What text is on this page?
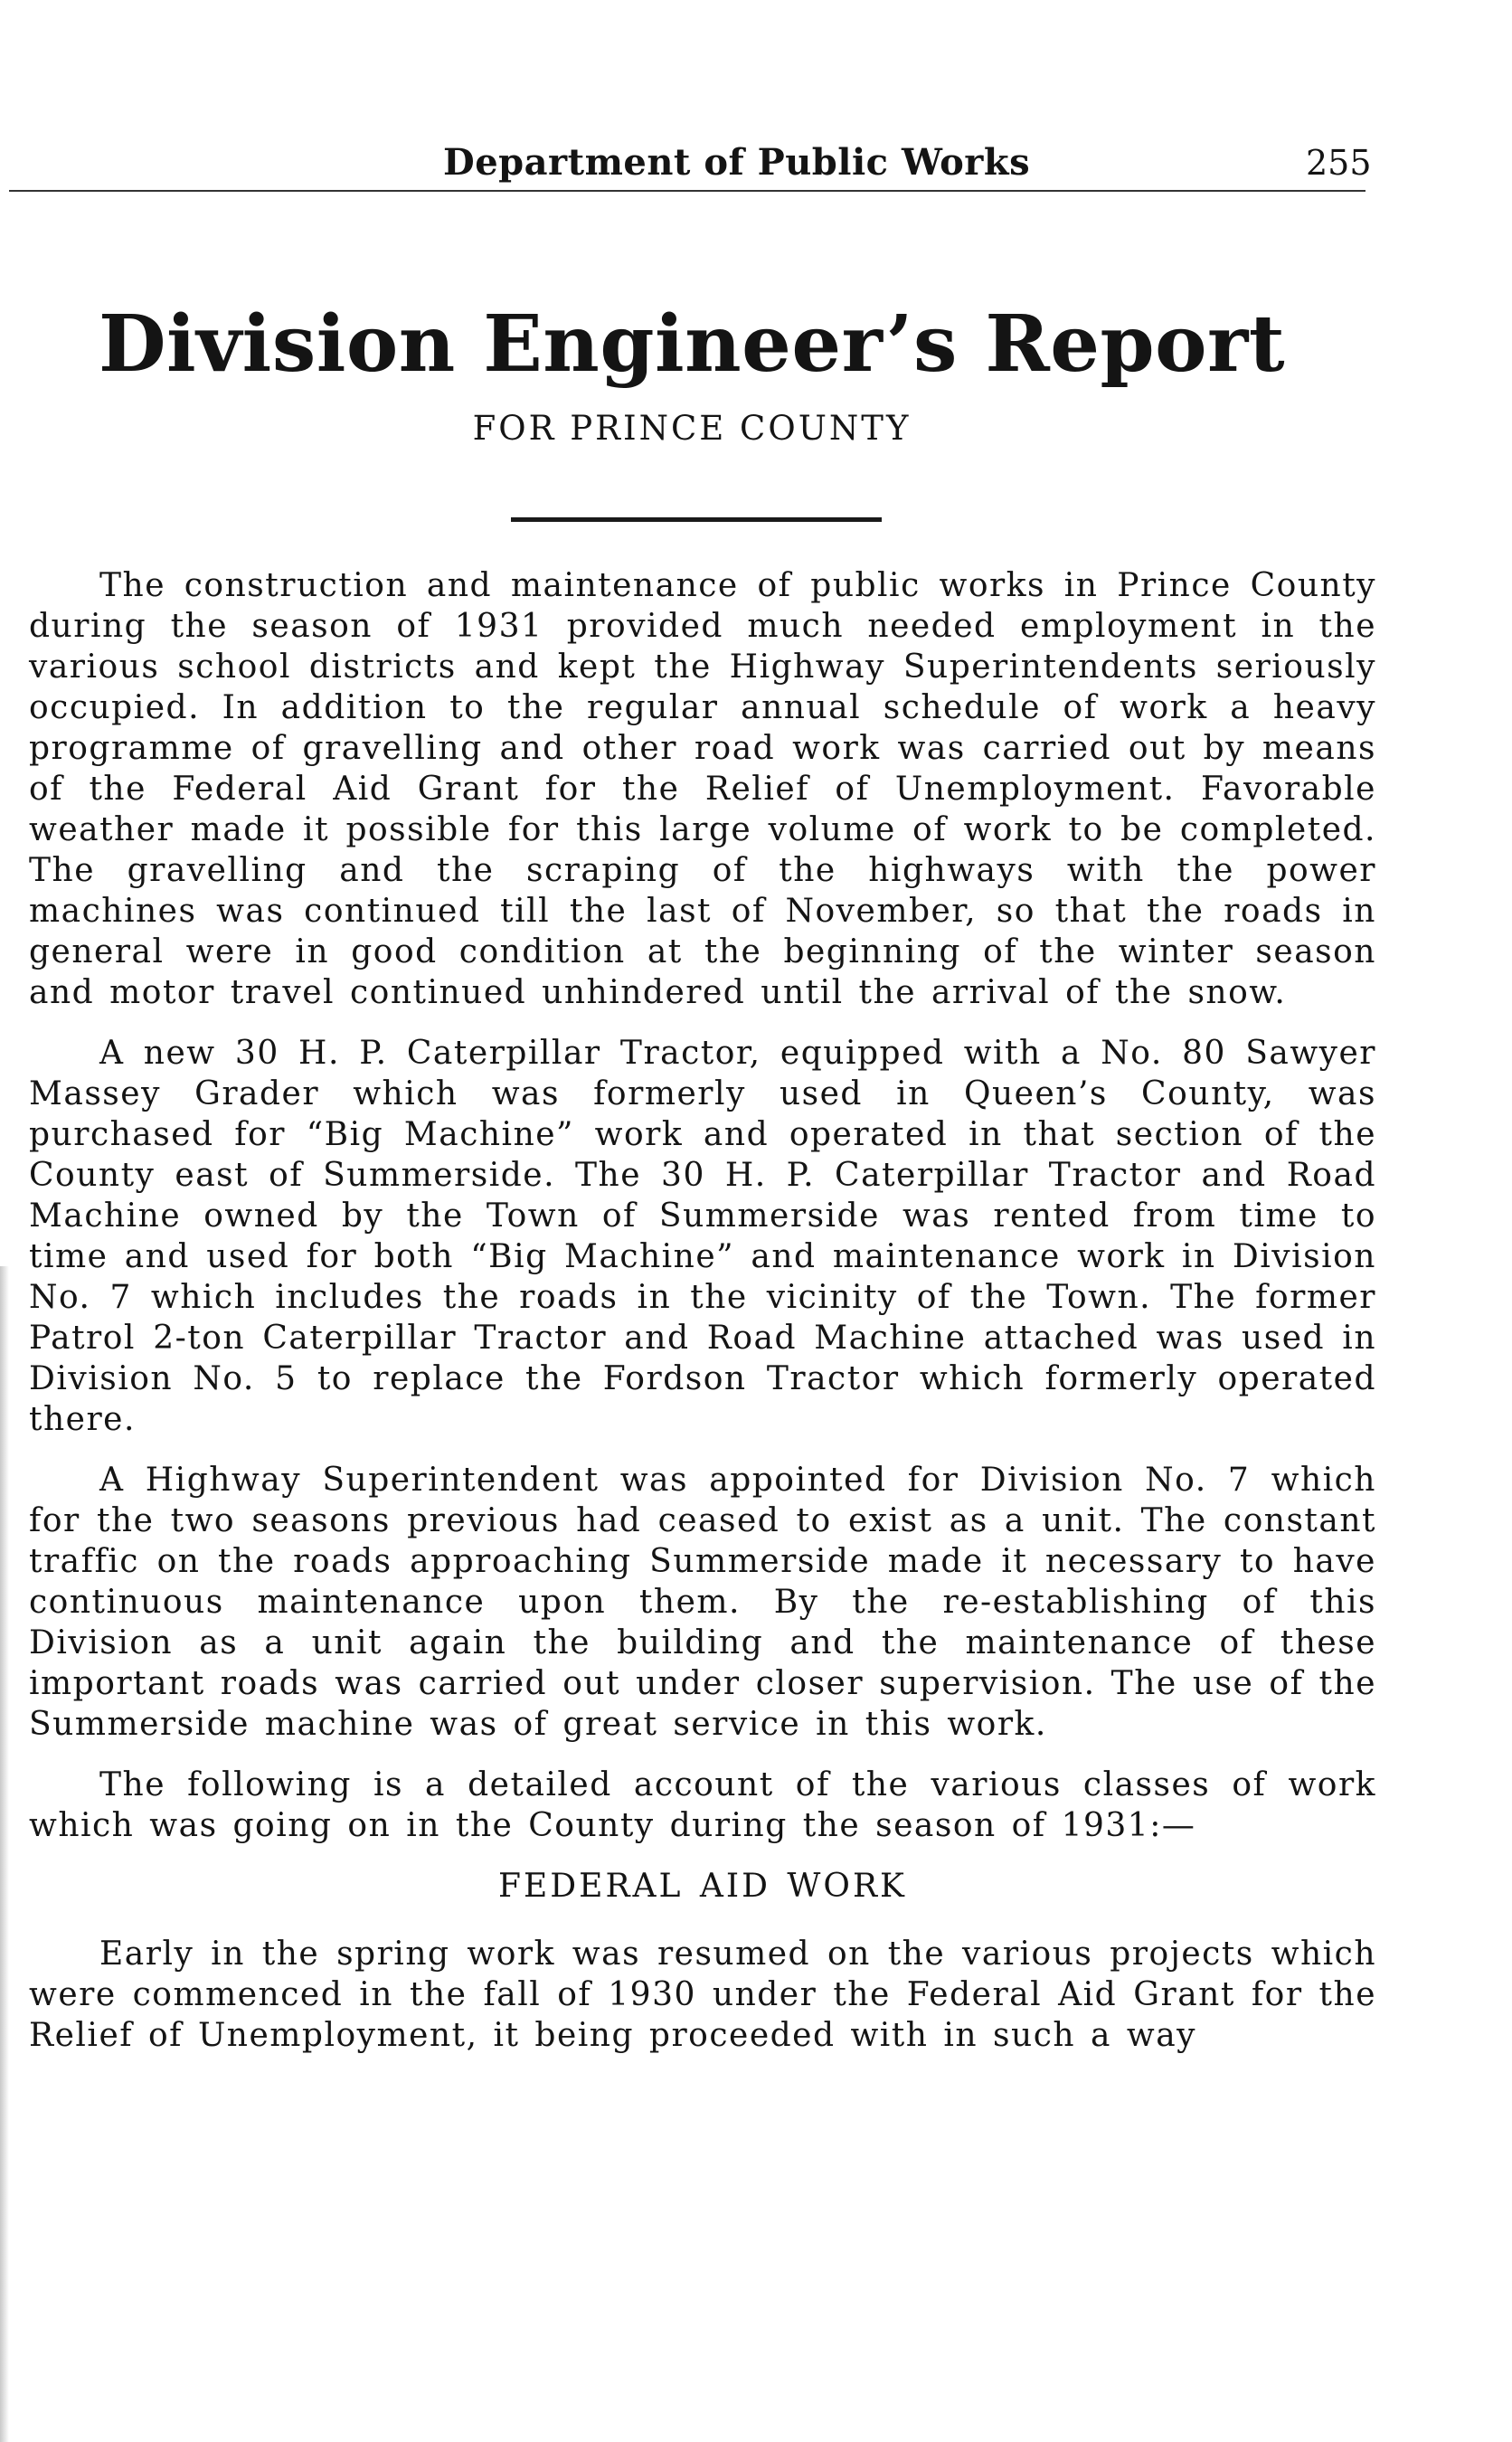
Department of Public Works	255
Division Engineer’s Report
FOR PRINCE COUNTY

The construction and maintenance of public works in Prince County during the season of 1931 provided much needed employment in the various school districts and kept the Highway Superintendents seriously occupied. In addition to the regular annual schedule of work a heavy programme of gravelling and other road work was carried out by means of the Federal Aid Grant for the Relief of Unemployment. Favorable weather made it possible for this large volume of work to be completed. The gravelling and the scraping of the highways with the power machines was continued till the last of November, so that the roads in general were in good condition at the beginning of the winter season and motor travel continued unhindered until the arrival of the snow.

A new 30 H. P. Caterpillar Tractor, equipped with a No. 80 Sawyer Massey Grader which was formerly used in Queen’s County, was purchased for “Big Machine” work and operated in that section of the County east of Summerside. The 30 H. P. Caterpillar Tractor and Road Machine owned by the Town of Summerside was rented from time to time and used for both “Big Machine” and maintenance work in Division No. 7 which includes the roads in the vicinity of the Town. The former Patrol 2-ton Caterpillar Tractor and Road Machine attached was used in Division No. 5 to replace the Fordson Tractor which formerly operated there.

A Highway Superintendent was appointed for Division No. 7 which for the two seasons previous had ceased to exist as a unit. The constant traffic on the roads approaching Summerside made it necessary to have continuous maintenance upon them. By the re-establishing of this Division as a unit again the building and the maintenance of these important roads was carried out under closer supervision. The use of the Summerside machine was of great service in this work.

The following is a detailed account of the various classes of work which was going on in the County during the season of 1931:—

FEDERAL AID WORK

Early in the spring work was resumed on the various projects which were commenced in the fall of 1930 under the Federal Aid Grant for the Relief of Unemployment, it being proceeded with in such a way
